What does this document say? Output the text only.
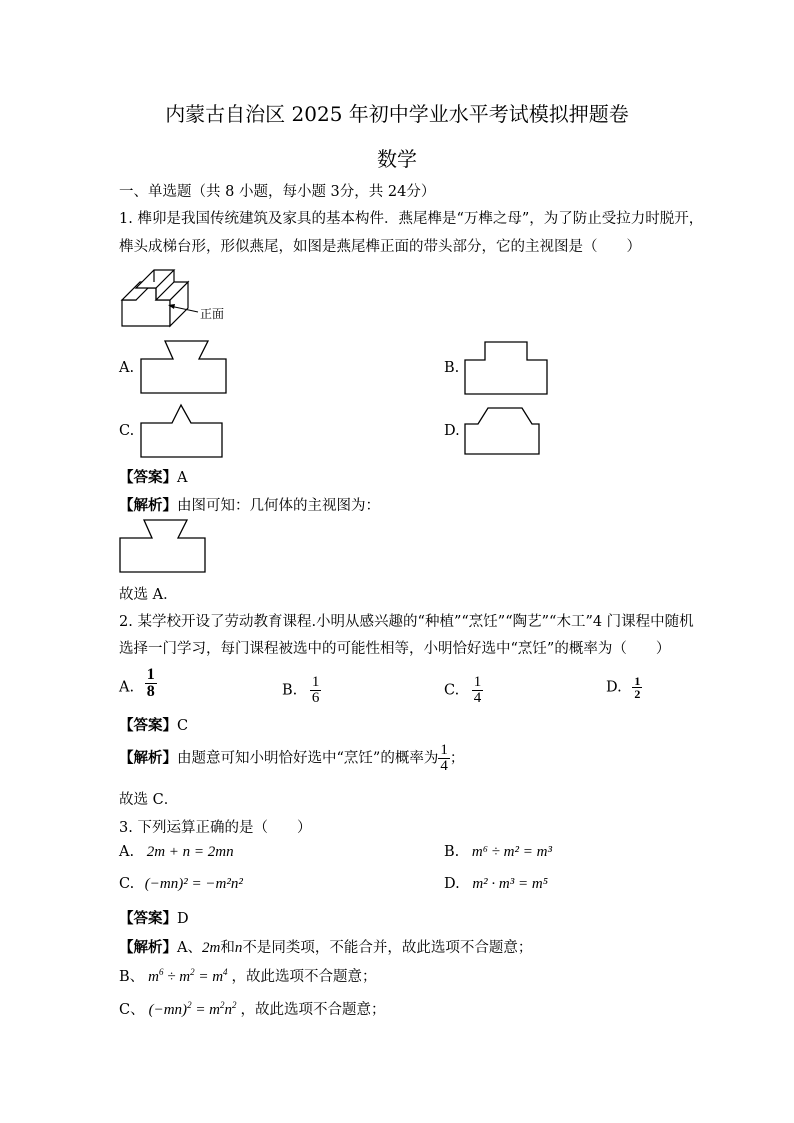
内蒙古自治区 2025 年初中学业水平考试模拟押题卷
数学
一、单选题（共 8 小题，每小题 3分，共 24分）
1. 榫卯是我国传统建筑及家具的基本构件．燕尾榫是“万榫之母”，为了防止受拉力时脱开，
榫头成梯台形，形似燕尾，如图是燕尾榫正面的带头部分，它的主视图是（　　）
正面
A.	B.
C.	D.
【答案】A
【解析】由图可知：几何体的主视图为：
故选 A．
2. 某学校开设了劳动教育课程.小明从感兴趣的“种植”“烹饪”“陶艺”“木工”4 门课程中随机
选择一门学习，每门课程被选中的可能性相等，小明恰好选中“烹饪”的概率为（　　）
A. $\frac{1}{8}$	B. $\frac{1}{6}$	C. $\frac{1}{4}$	D. $\frac{1}{2}$
【答案】C
【解析】由题意可知小明恰好选中“烹饪”的概率为 $\frac{1}{4}$ ；
故选 C．
3. 下列运算正确的是（　　）
A. 2m + n = 2mn	B. m⁶ ÷ m² = m³
C. (−mn)² = −m²n²	D. m² · m³ = m⁵
【答案】D
【解析】A、2m和n不是同类项，不能合并，故此选项不合题意；
B、 $m^6 \div m^2 = m^4$ ，故此选项不合题意；
C、 $(-mn)^2 = m^2n^2$ ，故此选项不合题意；
